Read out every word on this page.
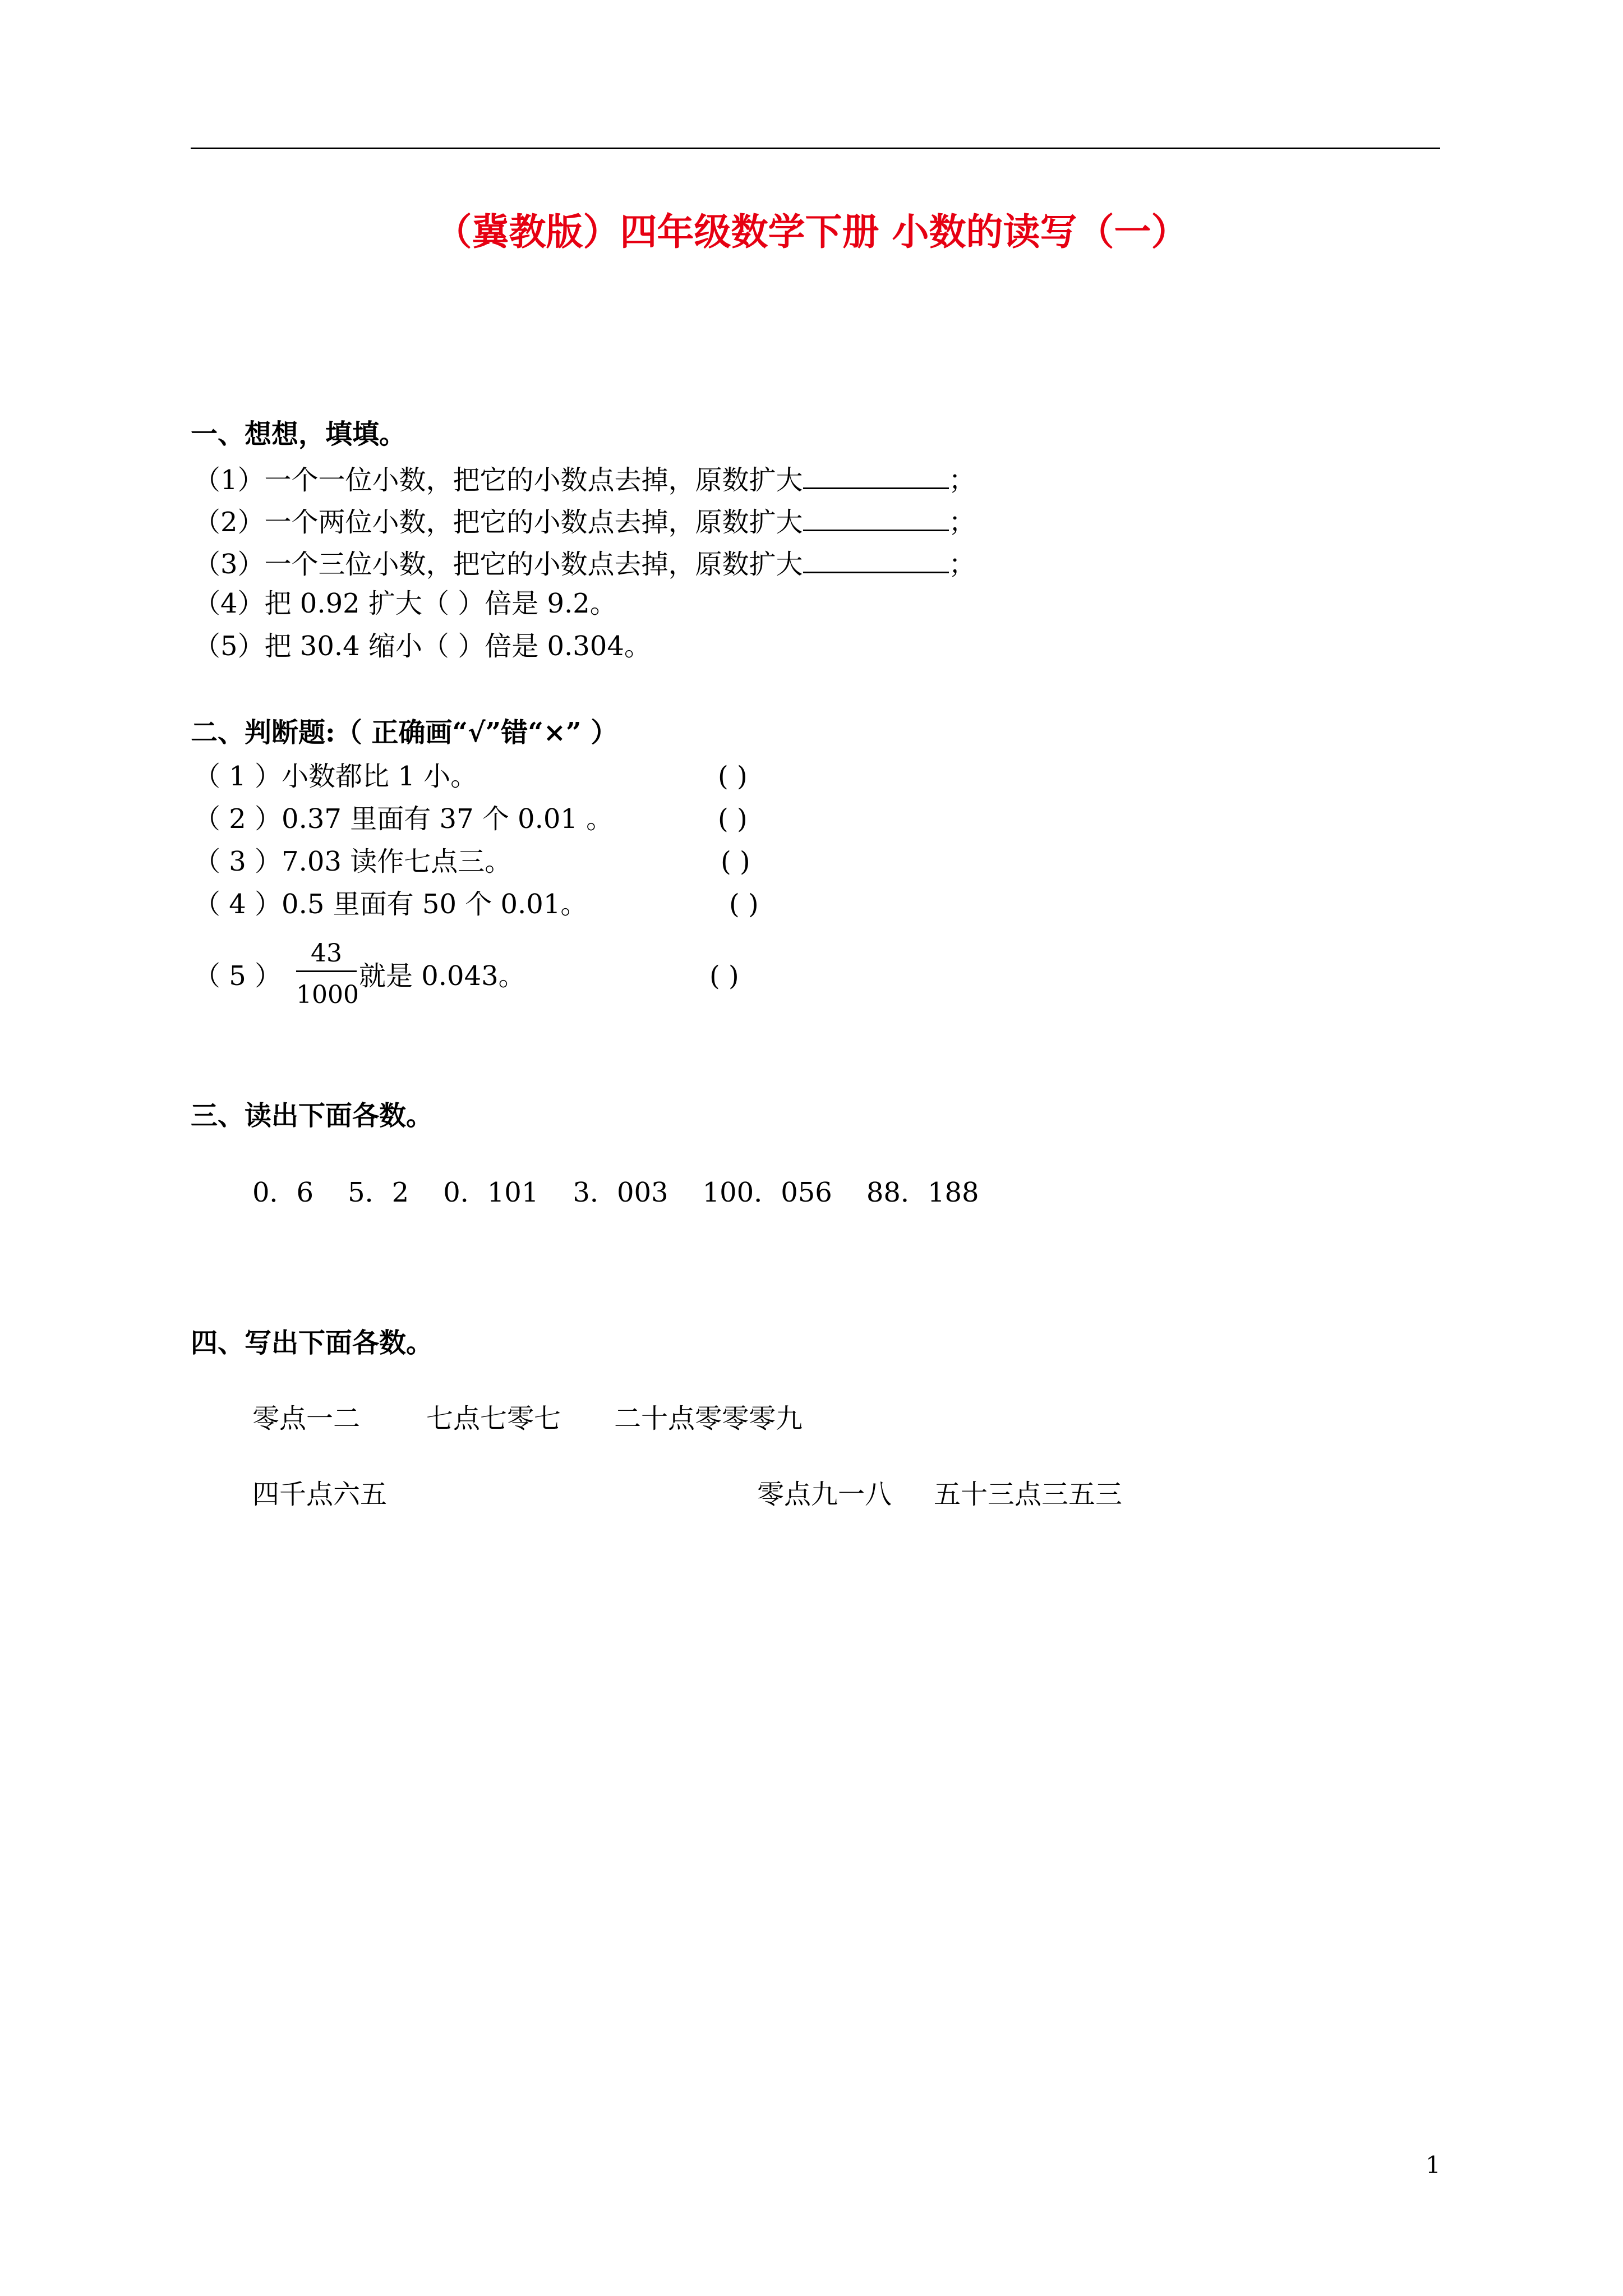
（冀教版）四年级数学下册 小数的读写（一）
一、想想，填填。
（1）一个一位小数，把它的小数点去掉，原数扩大	；
（2）一个两位小数，把它的小数点去掉，原数扩大	；
（3）一个三位小数，把它的小数点去掉，原数扩大	；
（4）把 0.92 扩大（ ）倍是 9.2。
（5）把 30.4 缩小（ ）倍是 0.304。
二、判断题:（ 正确画“√”错“×” ）
（ 1 ）小数都比 1 小。	( )
（ 2 ）0.37 里面有 37 个 0.01 。	( )
（ 3 ）7.03 读作七点三。	( )
（ 4 ）0.5 里面有 50 个 0.01。	( )
（ 5 ）
43
1000
就是 0.043。	( )
三、读出下面各数。
0．6    5．2    0．101    3．003    100．056    88．188
四、写出下面各数。
零点一二 七点七零七 二十点零零零九
四千点六五	零点九一八 五十三点三五三
1
